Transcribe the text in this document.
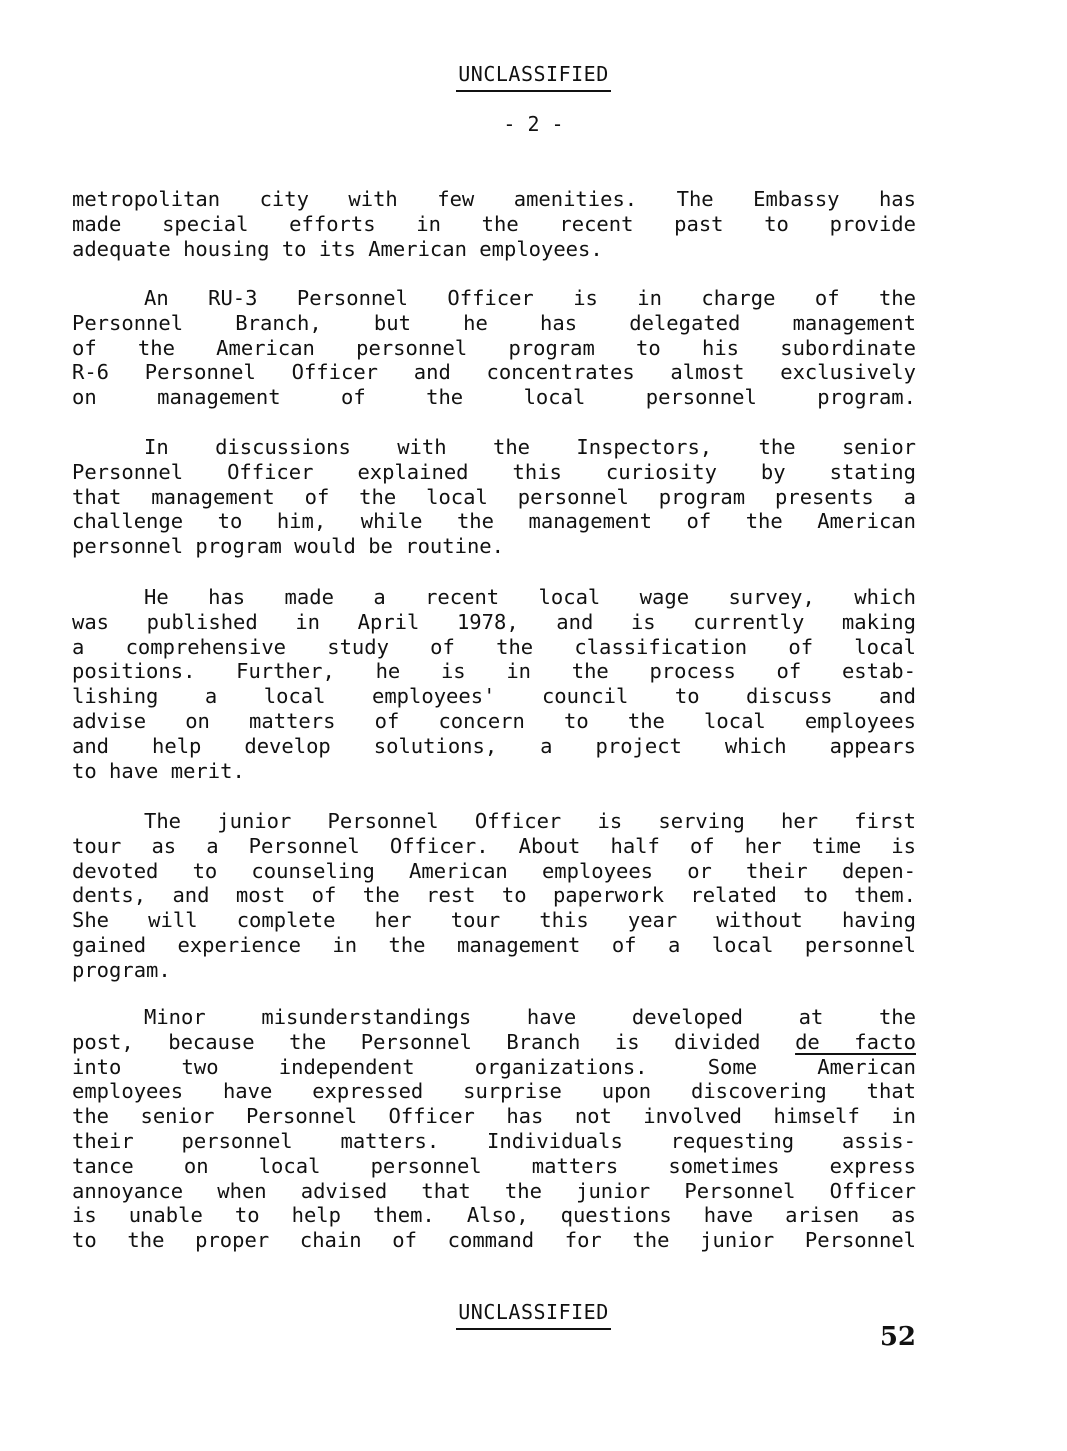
UNCLASSIFIED
- 2 -
metropolitan city with few amenities. The Embassy has
made special efforts in the recent past to provide
adequate housing to its American employees.
An RU-3 Personnel Officer is in charge of the
Personnel Branch, but he has delegated management
of the American personnel program to his subordinate
R-6 Personnel Officer and concentrates almost exclusively
on management of the local personnel program.
In discussions with the Inspectors, the senior
Personnel Officer explained this curiosity by stating
that management of the local personnel program presents a
challenge to him, while the management of the American
personnel program would be routine.
He has made a recent local wage survey, which
was published in April 1978, and is currently making
a comprehensive study of the classification of local
positions. Further, he is in the process of estab-
lishing a local employees' council to discuss and
advise on matters of concern to the local employees
and help develop solutions, a project which appears
to have merit.
The junior Personnel Officer is serving her first
tour as a Personnel Officer. About half of her time is
devoted to counseling American employees or their depen-
dents, and most of the rest to paperwork related to them.
She will complete her tour this year without having
gained experience in the management of a local personnel
program.
Minor misunderstandings have developed at the
post, because the Personnel Branch is divided de facto
into two independent organizations. Some American
employees have expressed surprise upon discovering that
the senior Personnel Officer has not involved himself in
their personnel matters. Individuals requesting assis-
tance on local personnel matters sometimes express
annoyance when advised that the junior Personnel Officer
is unable to help them. Also, questions have arisen as
to the proper chain of command for the junior Personnel
UNCLASSIFIED
52
